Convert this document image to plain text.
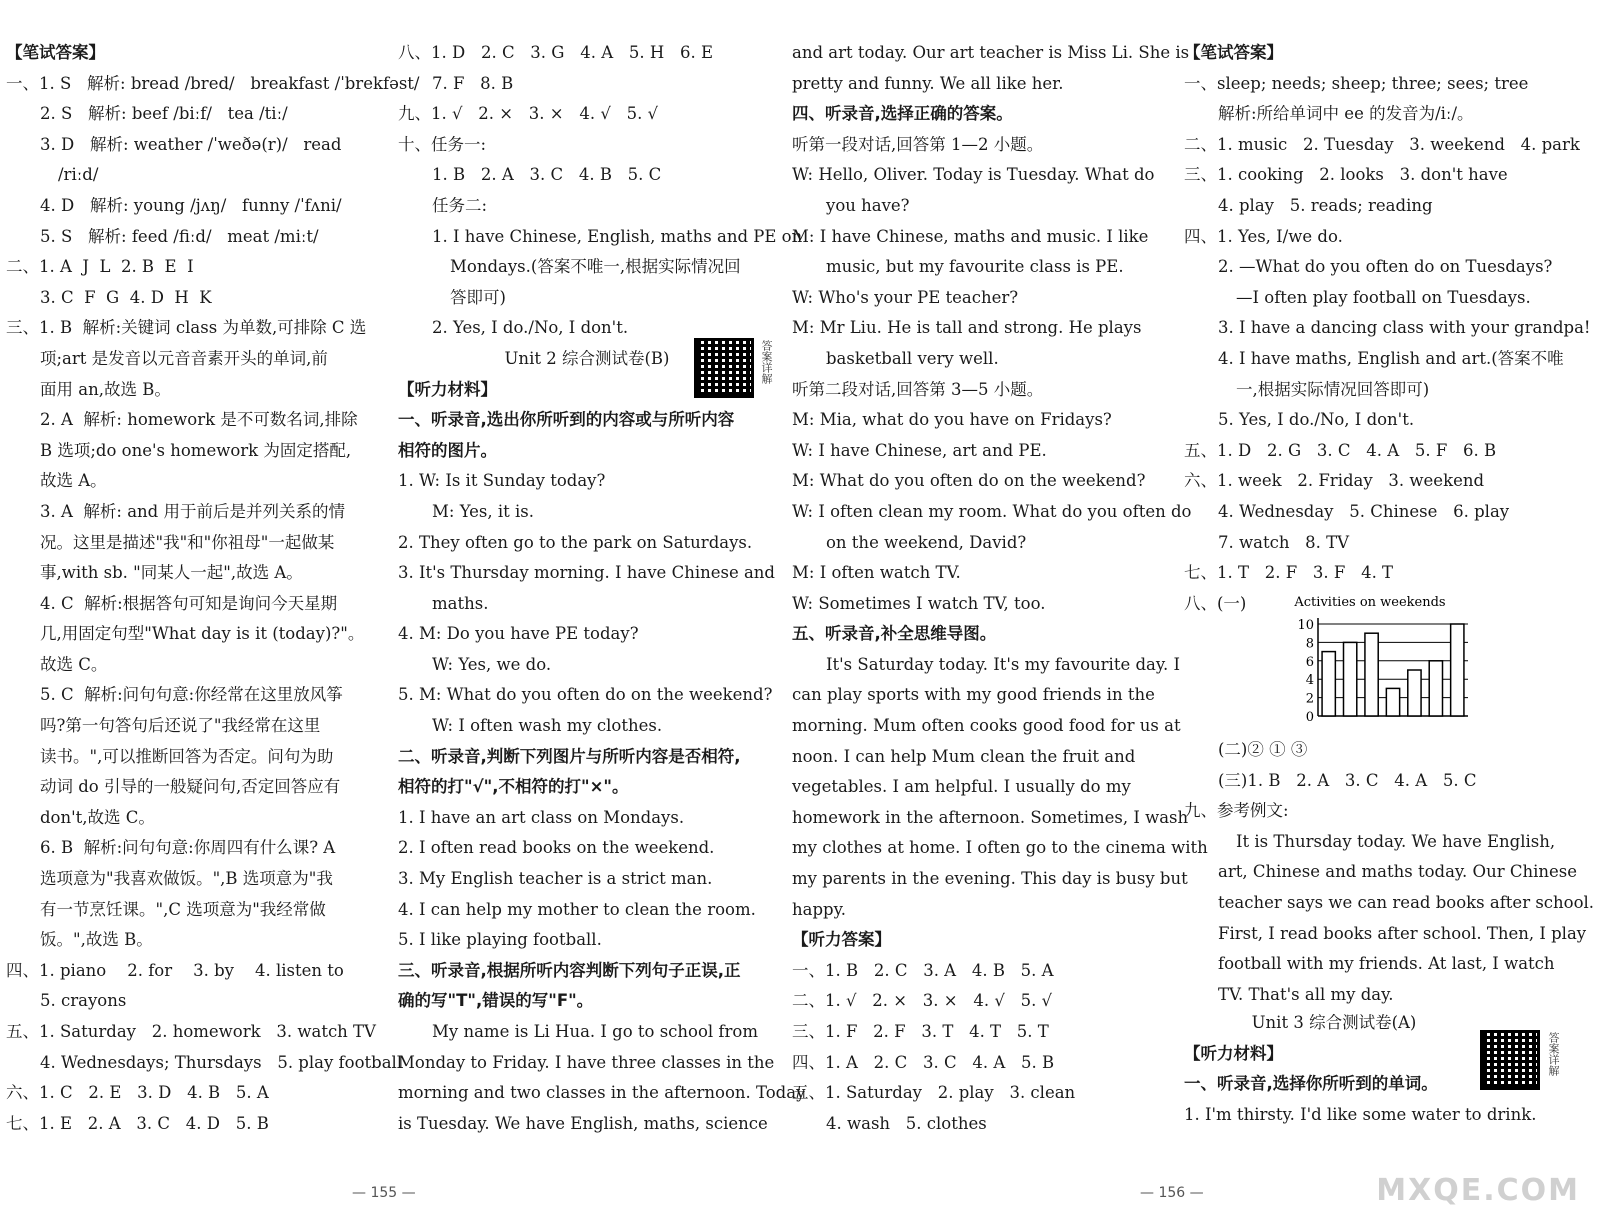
【笔试答案】
一、1. S   解析: bread /bred/   breakfast /ˈbrekfəst/
2. S   解析: beef /biːf/   tea /tiː/
3. D   解析: weather /ˈweðə(r)/   read
/riːd/
4. D   解析: young /jʌŋ/   funny /ˈfʌni/
5. S   解析: feed /fiːd/   meat /miːt/
二、1. A  J  L  2. B  E  I
3. C  F  G  4. D  H  K
三、1. B  解析:关键词 class 为单数,可排除 C 选
项;art 是发音以元音音素开头的单词,前
面用 an,故选 B。
2. A  解析: homework 是不可数名词,排除
B 选项;do one's homework 为固定搭配,
故选 A。
3. A  解析: and 用于前后是并列关系的情
况。这里是描述"我"和"你祖母"一起做某
事,with sb. "同某人一起",故选 A。
4. C  解析:根据答句可知是询问今天星期
几,用固定句型"What day is it (today)?"。
故选 C。
5. C  解析:问句句意:你经常在这里放风筝
吗?第一句答句后还说了"我经常在这里
读书。",可以推断回答为否定。问句为助
动词 do 引导的一般疑问句,否定回答应有
don't,故选 C。
6. B  解析:问句句意:你周四有什么课? A
选项意为"我喜欢做饭。",B 选项意为"我
有一节烹饪课。",C 选项意为"我经常做
饭。",故选 B。
四、1. piano    2. for    3. by    4. listen to
5. crayons
五、1. Saturday   2. homework   3. watch TV
4. Wednesdays; Thursdays   5. play football
六、1. C   2. E   3. D   4. B   5. A
七、1. E   2. A   3. C   4. D   5. B
八、1. D   2. C   3. G   4. A   5. H   6. E
7. F   8. B
九、1. √   2. ×   3. ×   4. √   5. √
十、任务一:
1. B   2. A   3. C   4. B   5. C
任务二:
1. I have Chinese, English, maths and PE on
Mondays.(答案不唯一,根据实际情况回
答即可)
2. Yes, I do./No, I don't.
Unit 2 综合测试卷(B)
【听力材料】
一、听录音,选出你所听到的内容或与所听内容
相符的图片。
1. W: Is it Sunday today?
M: Yes, it is.
2. They often go to the park on Saturdays.
3. It's Thursday morning. I have Chinese and
maths.
4. M: Do you have PE today?
W: Yes, we do.
5. M: What do you often do on the weekend?
W: I often wash my clothes.
二、听录音,判断下列图片与所听内容是否相符,
相符的打"√",不相符的打"×"。
1. I have an art class on Mondays.
2. I often read books on the weekend.
3. My English teacher is a strict man.
4. I can help my mother to clean the room.
5. I like playing football.
三、听录音,根据所听内容判断下列句子正误,正
确的写"T",错误的写"F"。
My name is Li Hua. I go to school from
Monday to Friday. I have three classes in the
morning and two classes in the afternoon. Today
is Tuesday. We have English, maths, science
and art today. Our art teacher is Miss Li. She is
pretty and funny. We all like her.
四、听录音,选择正确的答案。
听第一段对话,回答第 1—2 小题。
W: Hello, Oliver. Today is Tuesday. What do
you have?
M: I have Chinese, maths and music. I like
music, but my favourite class is PE.
W: Who's your PE teacher?
M: Mr Liu. He is tall and strong. He plays
basketball very well.
听第二段对话,回答第 3—5 小题。
M: Mia, what do you have on Fridays?
W: I have Chinese, art and PE.
M: What do you often do on the weekend?
W: I often clean my room. What do you often do
on the weekend, David?
M: I often watch TV.
W: Sometimes I watch TV, too.
五、听录音,补全思维导图。
It's Saturday today. It's my favourite day. I
can play sports with my good friends in the
morning. Mum often cooks good food for us at
noon. I can help Mum clean the fruit and
vegetables. I am helpful. I usually do my
homework in the afternoon. Sometimes, I wash
my clothes at home. I often go to the cinema with
my parents in the evening. This day is busy but
happy.
【听力答案】
一、1. B   2. C   3. A   4. B   5. A
二、1. √   2. ×   3. ×   4. √   5. √
三、1. F   2. F   3. T   4. T   5. T
四、1. A   2. C   3. C   4. A   5. B
五、1. Saturday   2. play   3. clean
4. wash   5. clothes
【笔试答案】
一、sleep; needs; sheep; three; sees; tree
解析:所给单词中 ee 的发音为/iː/。
二、1. music   2. Tuesday   3. weekend   4. park
三、1. cooking   2. looks   3. don't have
4. play   5. reads; reading
四、1. Yes, I/we do.
2. —What do you often do on Tuesdays?
—I often play football on Tuesdays.
3. I have a dancing class with your grandpa!
4. I have maths, English and art.(答案不唯
一,根据实际情况回答即可)
5. Yes, I do./No, I don't.
五、1. D   2. G   3. C   4. A   5. F   6. B
六、1. week   2. Friday   3. weekend
4. Wednesday   5. Chinese   6. play
7. watch   8. TV
七、1. T   2. F   3. F   4. T
八、(一)
(二)② ① ③
(三)1. B   2. A   3. C   4. A   5. C
九、参考例文:
It is Thursday today. We have English,
art, Chinese and maths today. Our Chinese
teacher says we can read books after school.
First, I read books after school. Then, I play
football with my friends. At last, I watch
TV. That's all my day.
Unit 3 综合测试卷(A)
【听力材料】
一、听录音,选择你所听到的单词。
1. I'm thirsty. I'd like some water to drink.
答案详解
答案详解
Activities on weekends
0
2
4
6
8
10
— 155 —	— 156 —	MXQE.COM
